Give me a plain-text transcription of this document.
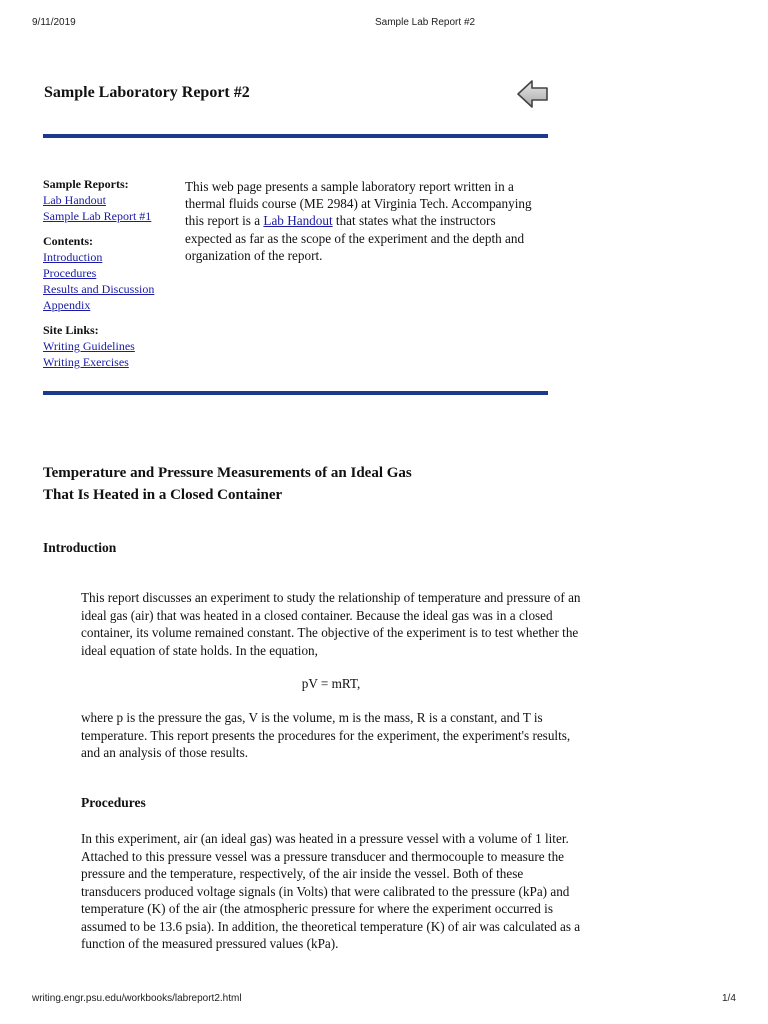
9/11/2019	Sample Lab Report #2
Sample Laboratory Report #2
Sample Reports:
Lab Handout
Sample Lab Report #1
Contents:
Introduction
Procedures
Results and Discussion
Appendix
Site Links:
Writing Guidelines
Writing Exercises
This web page presents a sample laboratory report written in a thermal fluids course (ME 2984) at Virginia Tech. Accompanying this report is a Lab Handout that states what the instructors expected as far as the scope of the experiment and the depth and organization of the report.
Temperature and Pressure Measurements of an Ideal Gas
That Is Heated in a Closed Container
Introduction
This report discusses an experiment to study the relationship of temperature and pressure of an ideal gas (air) that was heated in a closed container. Because the ideal gas was in a closed container, its volume remained constant. The objective of the experiment is to test whether the ideal equation of state holds. In the equation,
pV = mRT,
where p is the pressure the gas, V is the volume, m is the mass, R is a constant, and T is temperature. This report presents the procedures for the experiment, the experiment's results, and an analysis of those results.
Procedures
In this experiment, air (an ideal gas) was heated in a pressure vessel with a volume of 1 liter. Attached to this pressure vessel was a pressure transducer and thermocouple to measure the pressure and the temperature, respectively, of the air inside the vessel. Both of these transducers produced voltage signals (in Volts) that were calibrated to the pressure (kPa) and temperature (K) of the air (the atmospheric pressure for where the experiment occurred is assumed to be 13.6 psia). In addition, the theoretical temperature (K) of air was calculated as a function of the measured pressured values (kPa).
writing.engr.psu.edu/workbooks/labreport2.html	1/4
